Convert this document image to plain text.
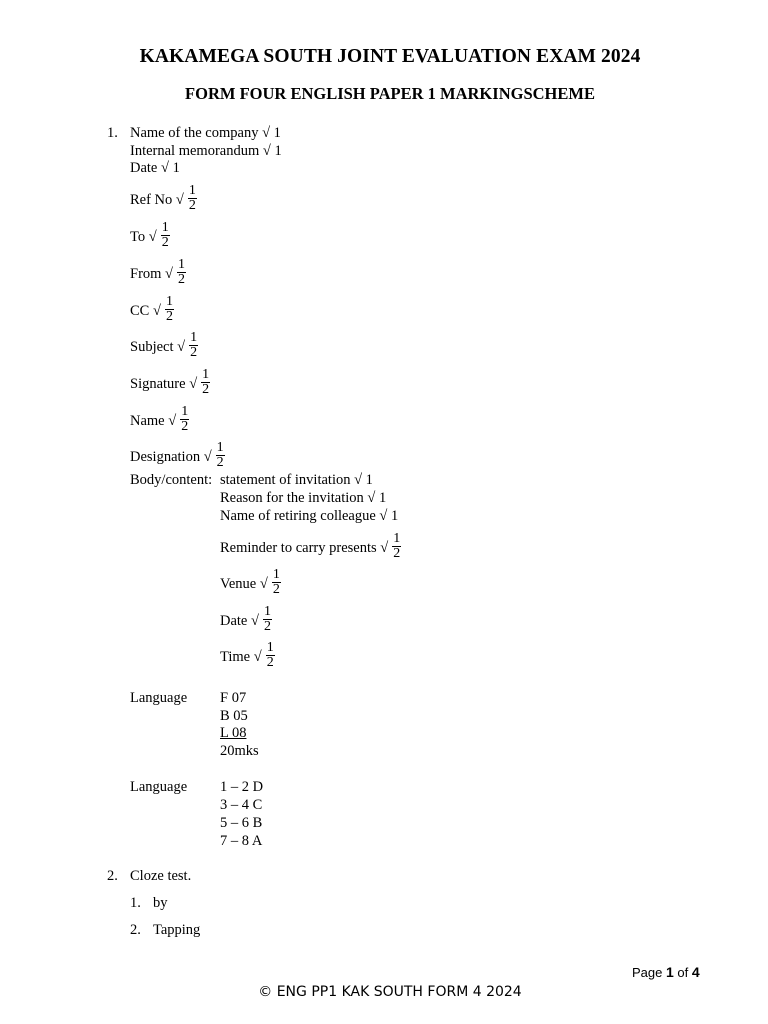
KAKAMEGA SOUTH JOINT EVALUATION EXAM 2024
FORM FOUR ENGLISH PAPER 1 MARKINGSCHEME
1. Name of the company √ 1
Internal memorandum √ 1
Date √ 1
Ref No √ $\frac{1}{2}$
To √ $\frac{1}{2}$
From √ $\frac{1}{2}$
CC √ $\frac{1}{2}$
Subject √ $\frac{1}{2}$
Signature √ $\frac{1}{2}$
Name √ $\frac{1}{2}$
Designation √ $\frac{1}{2}$
Body/content: statement of invitation √ 1
Reason for the invitation √ 1
Name of retiring colleague √ 1
Reminder to carry presents √ $\frac{1}{2}$
Venue √ $\frac{1}{2}$
Date √ $\frac{1}{2}$
Time √ $\frac{1}{2}$
Language F 07
B 05
L 08
20mks
Language 1 – 2 D
3 – 4 C
5 – 6 B
7 – 8 A
2. Cloze test.
1. by
2. Tapping
Page 1 of 4
© ENG PP1 KAK SOUTH FORM 4 2024
